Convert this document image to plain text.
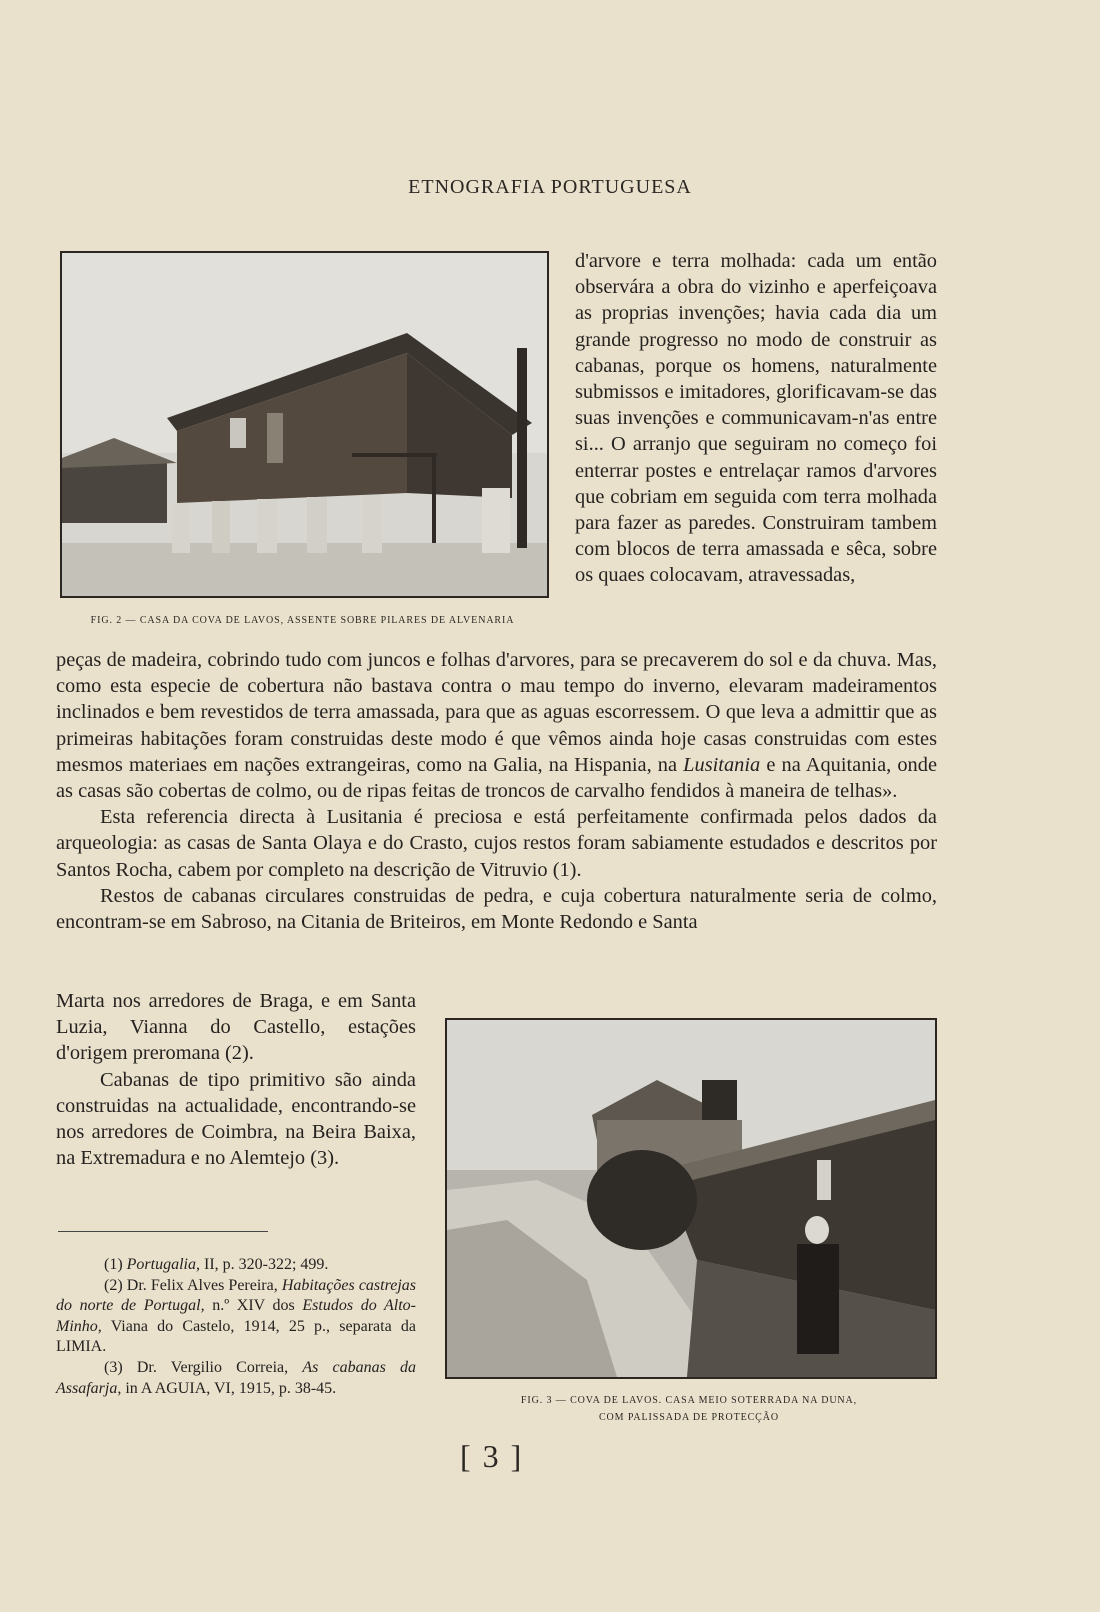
ETNOGRAFIA PORTUGUESA
FIG. 2 — CASA DA COVA DE LAVOS, ASSENTE SOBRE PILARES DE ALVENARIA

d'arvore e terra molhada: cada um então observára a obra do vizinho e aperfeiçoava as proprias invenções; havia cada dia um grande progresso no modo de construir as cabanas, porque os homens, naturalmente submissos e imitadores, glorificavam-se das suas invenções e communicavam-n'as entre si... O arranjo que seguiram no começo foi enterrar postes e entrelaçar ramos d'arvores que cobriam em seguida com terra molhada para fazer as paredes. Construiram tambem com blocos de terra amassada e sêca, sobre os quaes colocavam, atravessadas,

peças de madeira, cobrindo tudo com juncos e folhas d'arvores, para se precaverem do sol e da chuva. Mas, como esta especie de cobertura não bastava contra o mau tempo do inverno, elevaram madeiramentos inclinados e bem revestidos de terra amassada, para que as aguas escorressem. O que leva a admittir que as primeiras habitações foram construidas deste modo é que vêmos ainda hoje casas construidas com estes mesmos materiaes em nações extrangeiras, como na Galia, na Hispania, na Lusitania e na Aquitania, onde as casas são cobertas de colmo, ou de ripas feitas de troncos de carvalho fendidos à maneira de telhas».

Esta referencia directa à Lusitania é preciosa e está perfeitamente confirmada pelos dados da arqueologia: as casas de Santa Olaya e do Crasto, cujos restos foram sabiamente estudados e descritos por Santos Rocha, cabem por completo na descrição de Vitruvio (1).

Restos de cabanas circulares construidas de pedra, e cuja cobertura naturalmente seria de colmo, encontram-se em Sabroso, na Citania de Briteiros, em Monte Redondo e Santa

Marta nos arredores de Braga, e em Santa Luzia, Vianna do Castello, estações d'origem preromana (2).

Cabanas de tipo primitivo são ainda construidas na actualidade, encontrando-se nos arredores de Coimbra, na Beira Baixa, na Extremadura e no Alemtejo (3).

(1) Portugalia, II, p. 320-322; 499.

(2) Dr. Felix Alves Pereira, Habitações castrejas do norte de Portugal, n.º XIV dos Estudos do Alto-Minho, Viana do Castelo, 1914, 25 p., separata da LIMIA.

(3) Dr. Vergilio Correia, As cabanas da Assafarja, in A AGUIA, VI, 1915, p. 38-45.

FIG. 3 — COVA DE LAVOS. CASA MEIO SOTERRADA NA DUNA,
COM PALISSADA DE PROTECÇÃO
[ 3 ]
